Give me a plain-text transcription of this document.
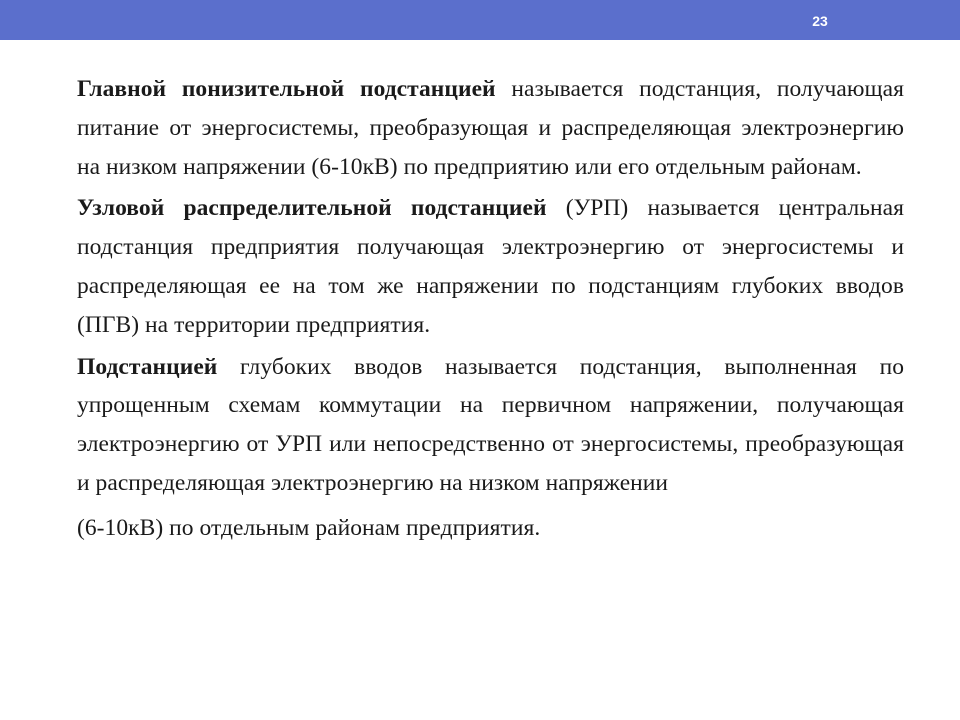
23

Главной понизительной подстанцией называется подстанция, получающая питание от энергосистемы, преобразующая и распределяющая электроэнергию на низком напряжении (6-10кВ) по предприятию или его отдельным районам.

Узловой распределительной подстанцией (УРП) называется центральная подстанция предприятия получающая электроэнергию от энергосистемы и распределяющая ее на том же напряжении по подстанциям глубоких вводов (ПГВ) на территории предприятия.

Подстанцией глубоких вводов называется подстанция, выполненная по упрощенным схемам коммутации на первичном напряжении, получающая электроэнергию от УРП или непосредственно от энергосистемы, преобразующая и распределяющая электроэнергию на низком напряжении

(6-10кВ) по отдельным районам предприятия.
